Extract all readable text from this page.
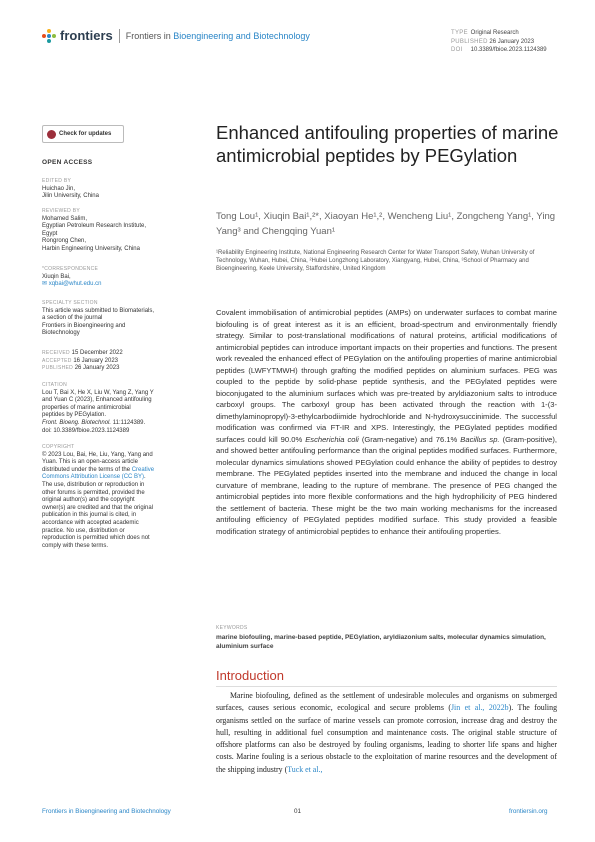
frontiers Frontiers in Bioengineering and Biotechnology	TYPE Original Research
PUBLISHED 26 January 2023
DOI 10.3389/fbioe.2023.1124389
Check for updates
OPEN ACCESS
EDITED BY
Huichao Jin,
Jilin University, China
REVIEWED BY
Mohamed Salim,
Egyptian Petroleum Research Institute,
Egypt
Rongrong Chen,
Harbin Engineering University, China
*CORRESPONDENCE
Xiuqin Bai,
✉ xqbai@whut.edu.cn
SPECIALTY SECTION
This article was submitted to Biomaterials,
a section of the journal
Frontiers in Bioengineering and
Biotechnology
RECEIVED 15 December 2022
ACCEPTED 16 January 2023
PUBLISHED 26 January 2023
CITATION
Lou T, Bai X, He X, Liu W, Yang Z, Yang Y
and Yuan C (2023), Enhanced antifouling
properties of marine antimicrobial
peptides by PEGylation.
Front. Bioeng. Biotechnol. 11:1124389.
doi: 10.3389/fbioe.2023.1124389
COPYRIGHT
© 2023 Lou, Bai, He, Liu, Yang, Yang and
Yuan. This is an open-access article
distributed under the terms of the Creative
Commons Attribution License (CC BY).
The use, distribution or reproduction in
other forums is permitted, provided the
original author(s) and the copyright
owner(s) are credited and that the original
publication in this journal is cited, in
accordance with accepted academic
practice. No use, distribution or
reproduction is permitted which does not
comply with these terms.
Enhanced antifouling properties of marine antimicrobial peptides by PEGylation
Tong Lou¹, Xiuqin Bai¹,²*, Xiaoyan He¹,², Wencheng Liu¹, Zongcheng Yang¹, Ying Yang³ and Chengqing Yuan¹
¹Reliability Engineering Institute, National Engineering Research Center for Water Transport Safety, Wuhan University of Technology, Wuhan, Hubei, China, ²Hubei Longzhong Laboratory, Xiangyang, Hubei, China, ³School of Pharmacy and Bioengineering, Keele University, Staffordshire, United Kingdom
Covalent immobilisation of antimicrobial peptides (AMPs) on underwater surfaces to combat marine biofouling is of great interest as it is an efficient, broad-spectrum and environmentally friendly strategy. Similar to post-translational modifications of natural proteins, artificial modifications of antimicrobial peptides can introduce important impacts on their properties and functions. The present work revealed the enhanced effect of PEGylation on the antifouling properties of marine antimicrobial peptides (LWFYTMWH) through grafting the modified peptides on aluminium surfaces. PEG was coupled to the peptide by solid-phase peptide synthesis, and the PEGylated peptides were bioconjugated to the aluminium surfaces which was pre-treated by aryldiazonium salts to introduce carboxyl groups. The carboxyl group has been activated through the reaction with 1-(3-dimethylaminopropyl)-3-ethylcarbodiimide hydrochloride and N-hydroxysuccinimide. The successful modification was confirmed via FT-IR and XPS. Interestingly, the PEGylated peptides modified surfaces could kill 90.0% Escherichia coli (Gram-negative) and 76.1% Bacillus sp. (Gram-positive), and showed better antifouling performance than the original peptides modified surfaces. Furthermore, molecular dynamics simulations showed PEGylation could enhance the ability of peptides to destroy membrane. The PEGylated peptides inserted into the membrane and induced the change in local curvature of membrane, leading to the rupture of membrane. The presence of PEG changed the antimicrobial peptides into more flexible conformations and the high hydrophilicity of PEG hindered the settlement of bacteria. These might be the two main working mechanisms for the increased antifouling efficiency of PEGylated peptides modified surface. This study provided a feasible modification strategy of antimicrobial peptides to enhance their antifouling properties.
KEYWORDS
marine biofouling, marine-based peptide, PEGylation, aryldiazonium salts, molecular dynamics simulation, aluminium surface
Introduction
Marine biofouling, defined as the settlement of undesirable molecules and organisms on submerged surfaces, causes serious economic, ecological and secure problems (Jin et al., 2022b). The fouling organisms settled on the surface of marine vessels can promote corrosion, increase drag and destroy the hull, resulting in additional fuel consumption and maintenance costs. The original stable structure of offshore platforms can also be destroyed by fouling organisms, leading to shorter life spans and higher costs. Marine fouling is a serious obstacle to the exploitation of marine resources and the development of the shipping industry (Tuck et al.,
Frontiers in Bioengineering and Biotechnology	01	frontiersin.org
